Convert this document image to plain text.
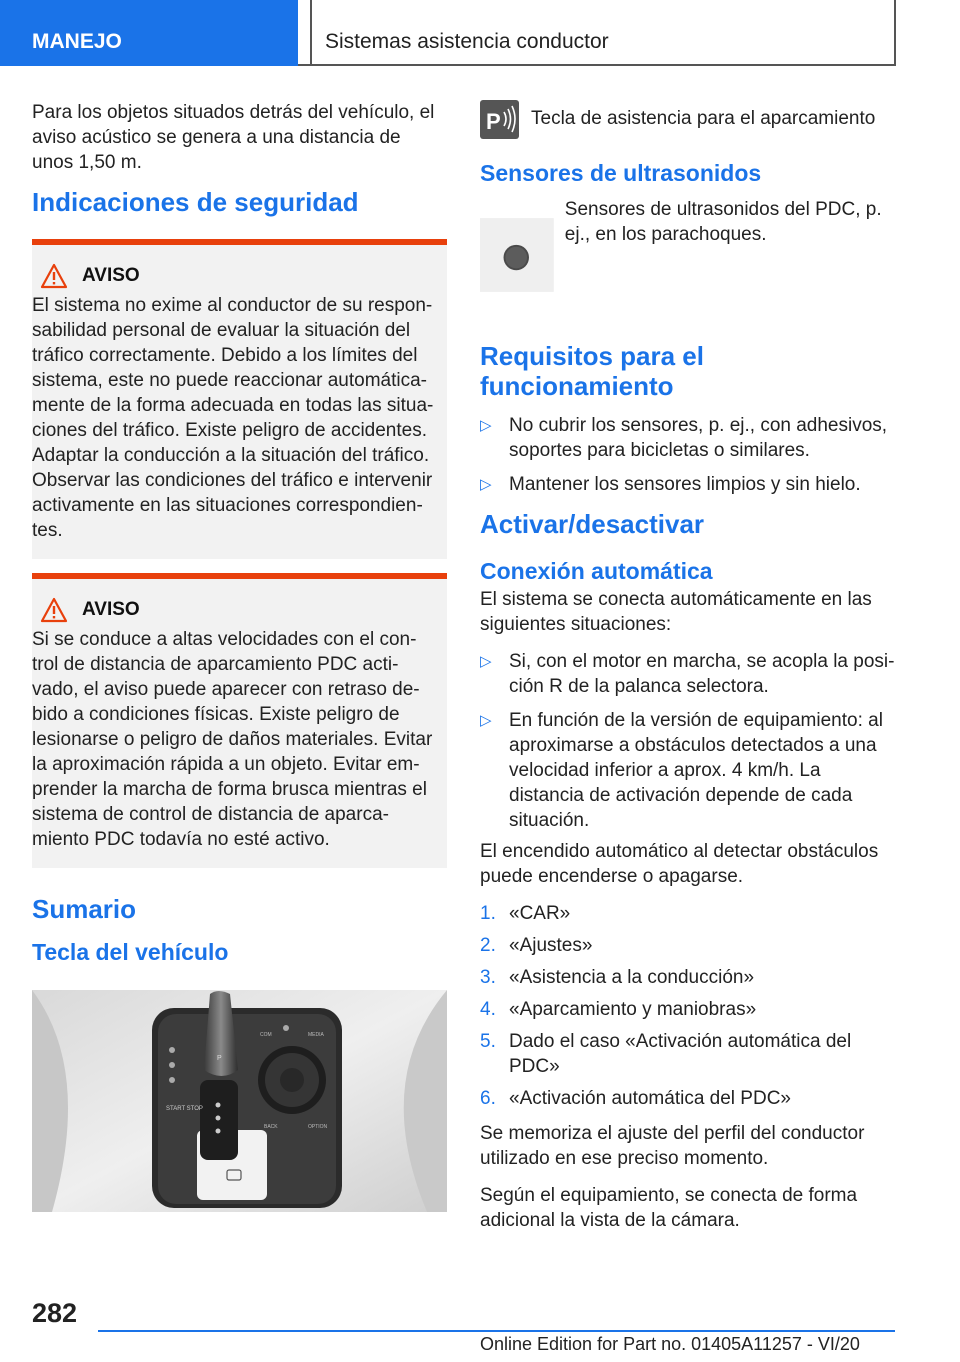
MANEJO	Sistemas asistencia conductor

Para los objetos situados detrás del vehículo, el aviso acústico se genera a una distancia de unos 1,50 m.

Indicaciones de seguridad
AVISO
El sistema no exime al conductor de su respon-sabilidad personal de evaluar la situación del tráfico correctamente. Debido a los límites del sistema, este no puede reaccionar automática-mente de la forma adecuada en todas las situa-ciones del tráfico. Existe peligro de accidentes. Adaptar la conducción a la situación del tráfico. Observar las condiciones del tráfico e intervenir activamente en las situaciones correspondien-tes.
AVISO
Si se conduce a altas velocidades con el con-trol de distancia de aparcamiento PDC acti-vado, el aviso puede aparecer con retraso de-bido a condiciones físicas. Existe peligro de lesionarse o peligro de daños materiales. Evitar la aproximación rápida a un objeto. Evitar em-prender la marcha de forma brusca mientras el sistema de control de distancia de aparca-miento PDC todavía no esté activo.
Sumario
Tecla del vehículo
P
START STOP
COM	MEDIA
BACK	OPTION
P Tecla de asistencia para el aparcamiento
Sensores de ultrasonidos
Sensores de ultrasonidos del PDC, p. ej., en los parachoques.
Requisitos para el funcionamiento
▷ No cubrir los sensores, p. ej., con adhesivos, soportes para bicicletas o similares.
▷ Mantener los sensores limpios y sin hielo.
Activar/desactivar
Conexión automática

El sistema se conecta automáticamente en las siguientes situaciones:

▷ Si, con el motor en marcha, se acopla la posi-ción R de la palanca selectora.
▷ En función de la versión de equipamiento: al aproximarse a obstáculos detectados a una velocidad inferior a aprox. 4 km/h. La distancia de activación depende de cada situación.

El encendido automático al detectar obstáculos puede encenderse o apagarse.

1. «CAR»
2. «Ajustes»
3. «Asistencia a la conducción»
4. «Aparcamiento y maniobras»
5. Dado el caso «Activación automática del PDC»
6. «Activación automática del PDC»

Se memoriza el ajuste del perfil del conductor utilizado en ese preciso momento.

Según el equipamiento, se conecta de forma adicional la vista de la cámara.

282
Online Edition for Part no. 01405A11257 - VI/20
